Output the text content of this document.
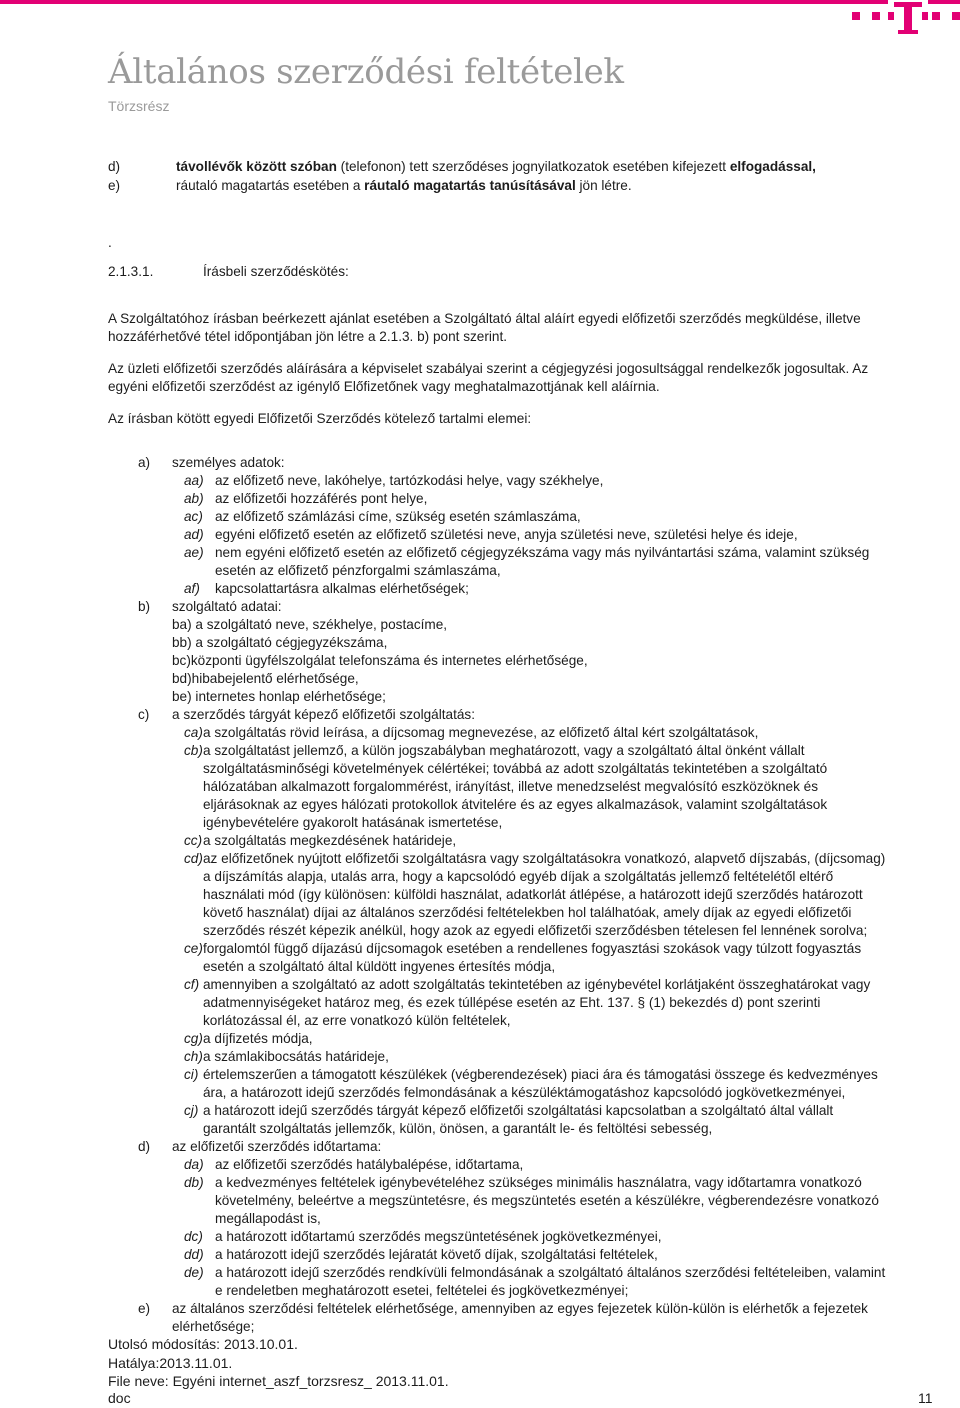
Általános szerződési feltételek
Törzsrész
d)	távollévők között szóban (telefonon) tett szerződéses jognyilatkozatok esetében kifejezett elfogadással,
e)	ráutaló magatartás esetében a ráutaló magatartás tanúsításával jön létre.
.
2.1.3.1.	Írásbeli szerződéskötés:
A Szolgáltatóhoz írásban beérkezett ajánlat esetében a Szolgáltató által aláírt egyedi előfizetői szerződés megküldése, illetve
hozzáférhetővé tétel időpontjában jön létre a 2.1.3. b) pont szerint.
Az üzleti előfizetői szerződés aláírására a képviselet szabályai szerint a cégjegyzési jogosultsággal rendelkezők jogosultak. Az
egyéni előfizetői szerződést az igénylő Előfizetőnek vagy meghatalmazottjának kell aláírnia.
Az írásban kötött egyedi Előfizetői Szerződés kötelező tartalmi elemei:
a) személyes adatok:
aa) az előfizető neve, lakóhelye, tartózkodási helye, vagy székhelye,
ab) az előfizetői hozzáférés pont helye,
ac) az előfizető számlázási címe, szükség esetén számlaszáma,
ad) egyéni előfizető esetén az előfizető születési neve, anyja születési neve, születési helye és ideje,
ae) nem egyéni előfizető esetén az előfizető cégjegyzékszáma vagy más nyilvántartási száma, valamint szükség
esetén az előfizető pénzforgalmi számlaszáma,
af) kapcsolattartásra alkalmas elérhetőségek;
b) szolgáltató adatai:
ba) a szolgáltató neve, székhelye, postacíme,
bb) a szolgáltató cégjegyzékszáma,
bc)központi ügyfélszolgálat telefonszáma és internetes elérhetősége,
bd)hibabejelentő elérhetősége,
be) internetes honlap elérhetősége;
c) a szerződés tárgyát képező előfizetői szolgáltatás:
ca) a szolgáltatás rövid leírása, a díjcsomag megnevezése, az előfizető által kért szolgáltatások,
cb) a szolgáltatást jellemző, a külön jogszabályban meghatározott, vagy a szolgáltató által önként vállalt
szolgáltatásminőségi követelmények célértékei; továbbá az adott szolgáltatás tekintetében a szolgáltató
hálózatában alkalmazott forgalommérést, irányítást, illetve menedzselést megvalósító eszközöknek és
eljárásoknak az egyes hálózati protokollok átvitelére és az egyes alkalmazások, valamint szolgáltatások
igénybevételére gyakorolt hatásának ismertetése,
cc) a szolgáltatás megkezdésének határideje,
cd) az előfizetőnek nyújtott előfizetői szolgáltatásra vagy szolgáltatásokra vonatkozó, alapvető díjszabás, (díjcsomag)
a díjszámítás alapja, utalás arra, hogy a kapcsolódó egyéb díjak a szolgáltatás jellemző feltételétől eltérő
használati mód (így különösen: külföldi használat, adatkorlát átlépése, a határozott idejű szerződés határozott
követő használat) díjai az általános szerződési feltételekben hol találhatóak, amely díjak az egyedi előfizetői
szerződés részét képezik anélkül, hogy azok az egyedi előfizetői szerződésben tételesen fel lennének sorolva;
ce) forgalomtól függő díjazású díjcsomagok esetében a rendellenes fogyasztási szokások vagy túlzott fogyasztás
esetén a szolgáltató által küldött ingyenes értesítés módja,
cf) amennyiben a szolgáltató az adott szolgáltatás tekintetében az igénybevétel korlátjaként összeghatárokat vagy
adatmennyiségeket határoz meg, és ezek túllépése esetén az Eht. 137. § (1) bekezdés d) pont szerinti
korlátozással él, az erre vonatkozó külön feltételek,
cg) a díjfizetés módja,
ch) a számlakibocsátás határideje,
ci) értelemszerűen a támogatott készülékek (végberendezések) piaci ára és támogatási összege és kedvezményes
ára, a határozott idejű szerződés felmondásának a készüléktámogatáshoz kapcsolódó jogkövetkezményei,
cj) a határozott idejű szerződés tárgyát képező előfizetői szolgáltatási kapcsolatban a szolgáltató által vállalt
garantált szolgáltatás jellemzők, külön, önösen, a garantált le- és feltöltési sebesség,
d) az előfizetői szerződés időtartama:
da) az előfizetői szerződés hatálybalépése, időtartama,
db) a kedvezményes feltételek igénybevételéhez szükséges minimális használatra, vagy időtartamra vonatkozó
követelmény, beleértve a megszüntetésre, és megszüntetés esetén a készülékre, végberendezésre vonatkozó
megállapodást is,
dc) a határozott időtartamú szerződés megszüntetésének jogkövetkezményei,
dd) a határozott idejű szerződés lejáratát követő díjak, szolgáltatási feltételek,
de) a határozott idejű szerződés rendkívüli felmondásának a szolgáltató általános szerződési feltételeiben, valamint
e rendeletben meghatározott esetei, feltételei és jogkövetkezményei;
e) az általános szerződési feltételek elérhetősége, amennyiben az egyes fejezetek külön-külön is elérhetők a fejezetek
elérhetősége;
Utolsó módosítás: 2013.10.01.
Hatálya:2013.11.01.
File neve: Egyéni internet_aszf_torzsresz_ 2013.11.01.
doc	11
